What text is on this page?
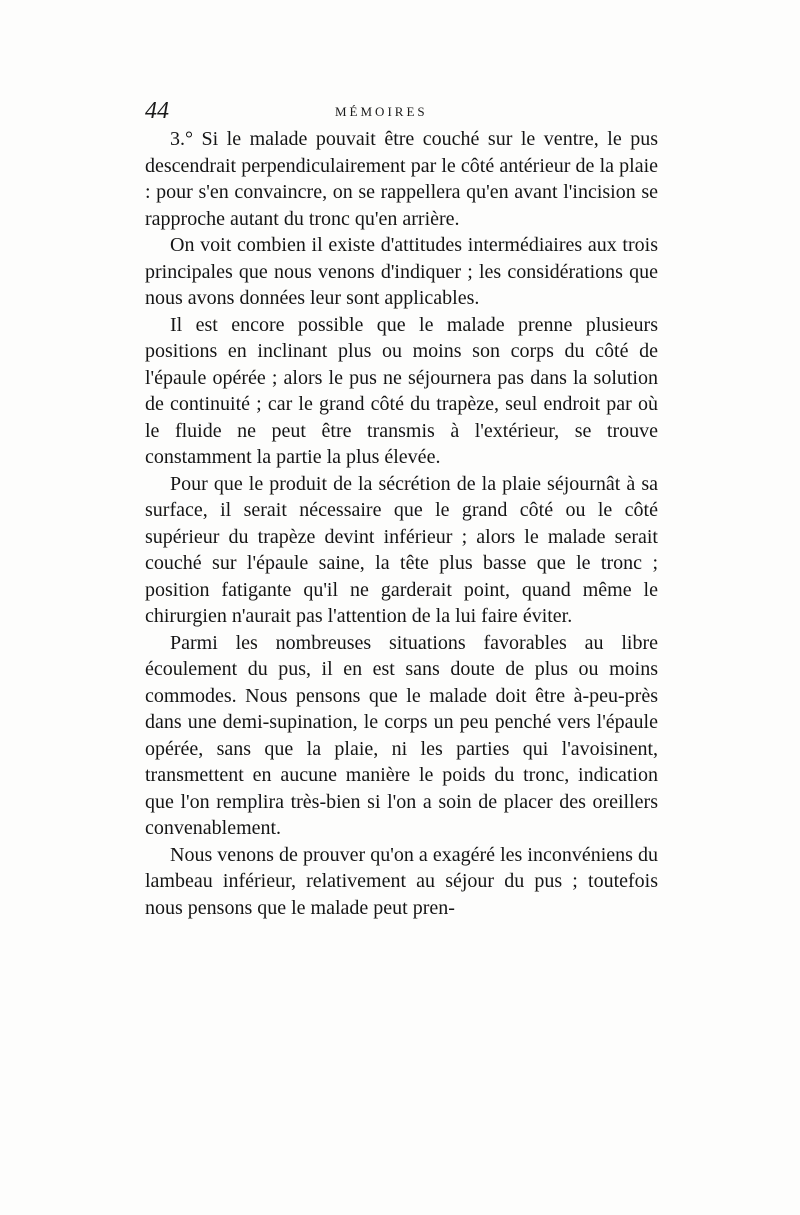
44	MÉMOIRES

3.° Si le malade pouvait être couché sur le ventre, le pus descendrait perpendiculairement par le côté antérieur de la plaie : pour s'en convaincre, on se rappellera qu'en avant l'incision se rapproche autant du tronc qu'en arrière.

On voit combien il existe d'attitudes intermédiaires aux trois principales que nous venons d'indiquer ; les considérations que nous avons données leur sont applicables.

Il est encore possible que le malade prenne plusieurs positions en inclinant plus ou moins son corps du côté de l'épaule opérée ; alors le pus ne séjournera pas dans la solution de continuité ; car le grand côté du trapèze, seul endroit par où le fluide ne peut être transmis à l'extérieur, se trouve constamment la partie la plus élevée.

Pour que le produit de la sécrétion de la plaie séjournât à sa surface, il serait nécessaire que le grand côté ou le côté supérieur du trapèze devint inférieur ; alors le malade serait couché sur l'épaule saine, la tête plus basse que le tronc ; position fatigante qu'il ne garderait point, quand même le chirurgien n'aurait pas l'attention de la lui faire éviter.

Parmi les nombreuses situations favorables au libre écoulement du pus, il en est sans doute de plus ou moins commodes. Nous pensons que le malade doit être à-peu-près dans une demi-supination, le corps un peu penché vers l'épaule opérée, sans que la plaie, ni les parties qui l'avoisinent, transmettent en aucune manière le poids du tronc, indication que l'on remplira très-bien si l'on a soin de placer des oreillers convenablement.

Nous venons de prouver qu'on a exagéré les inconvéniens du lambeau inférieur, relativement au séjour du pus ; toutefois nous pensons que le malade peut pren-
